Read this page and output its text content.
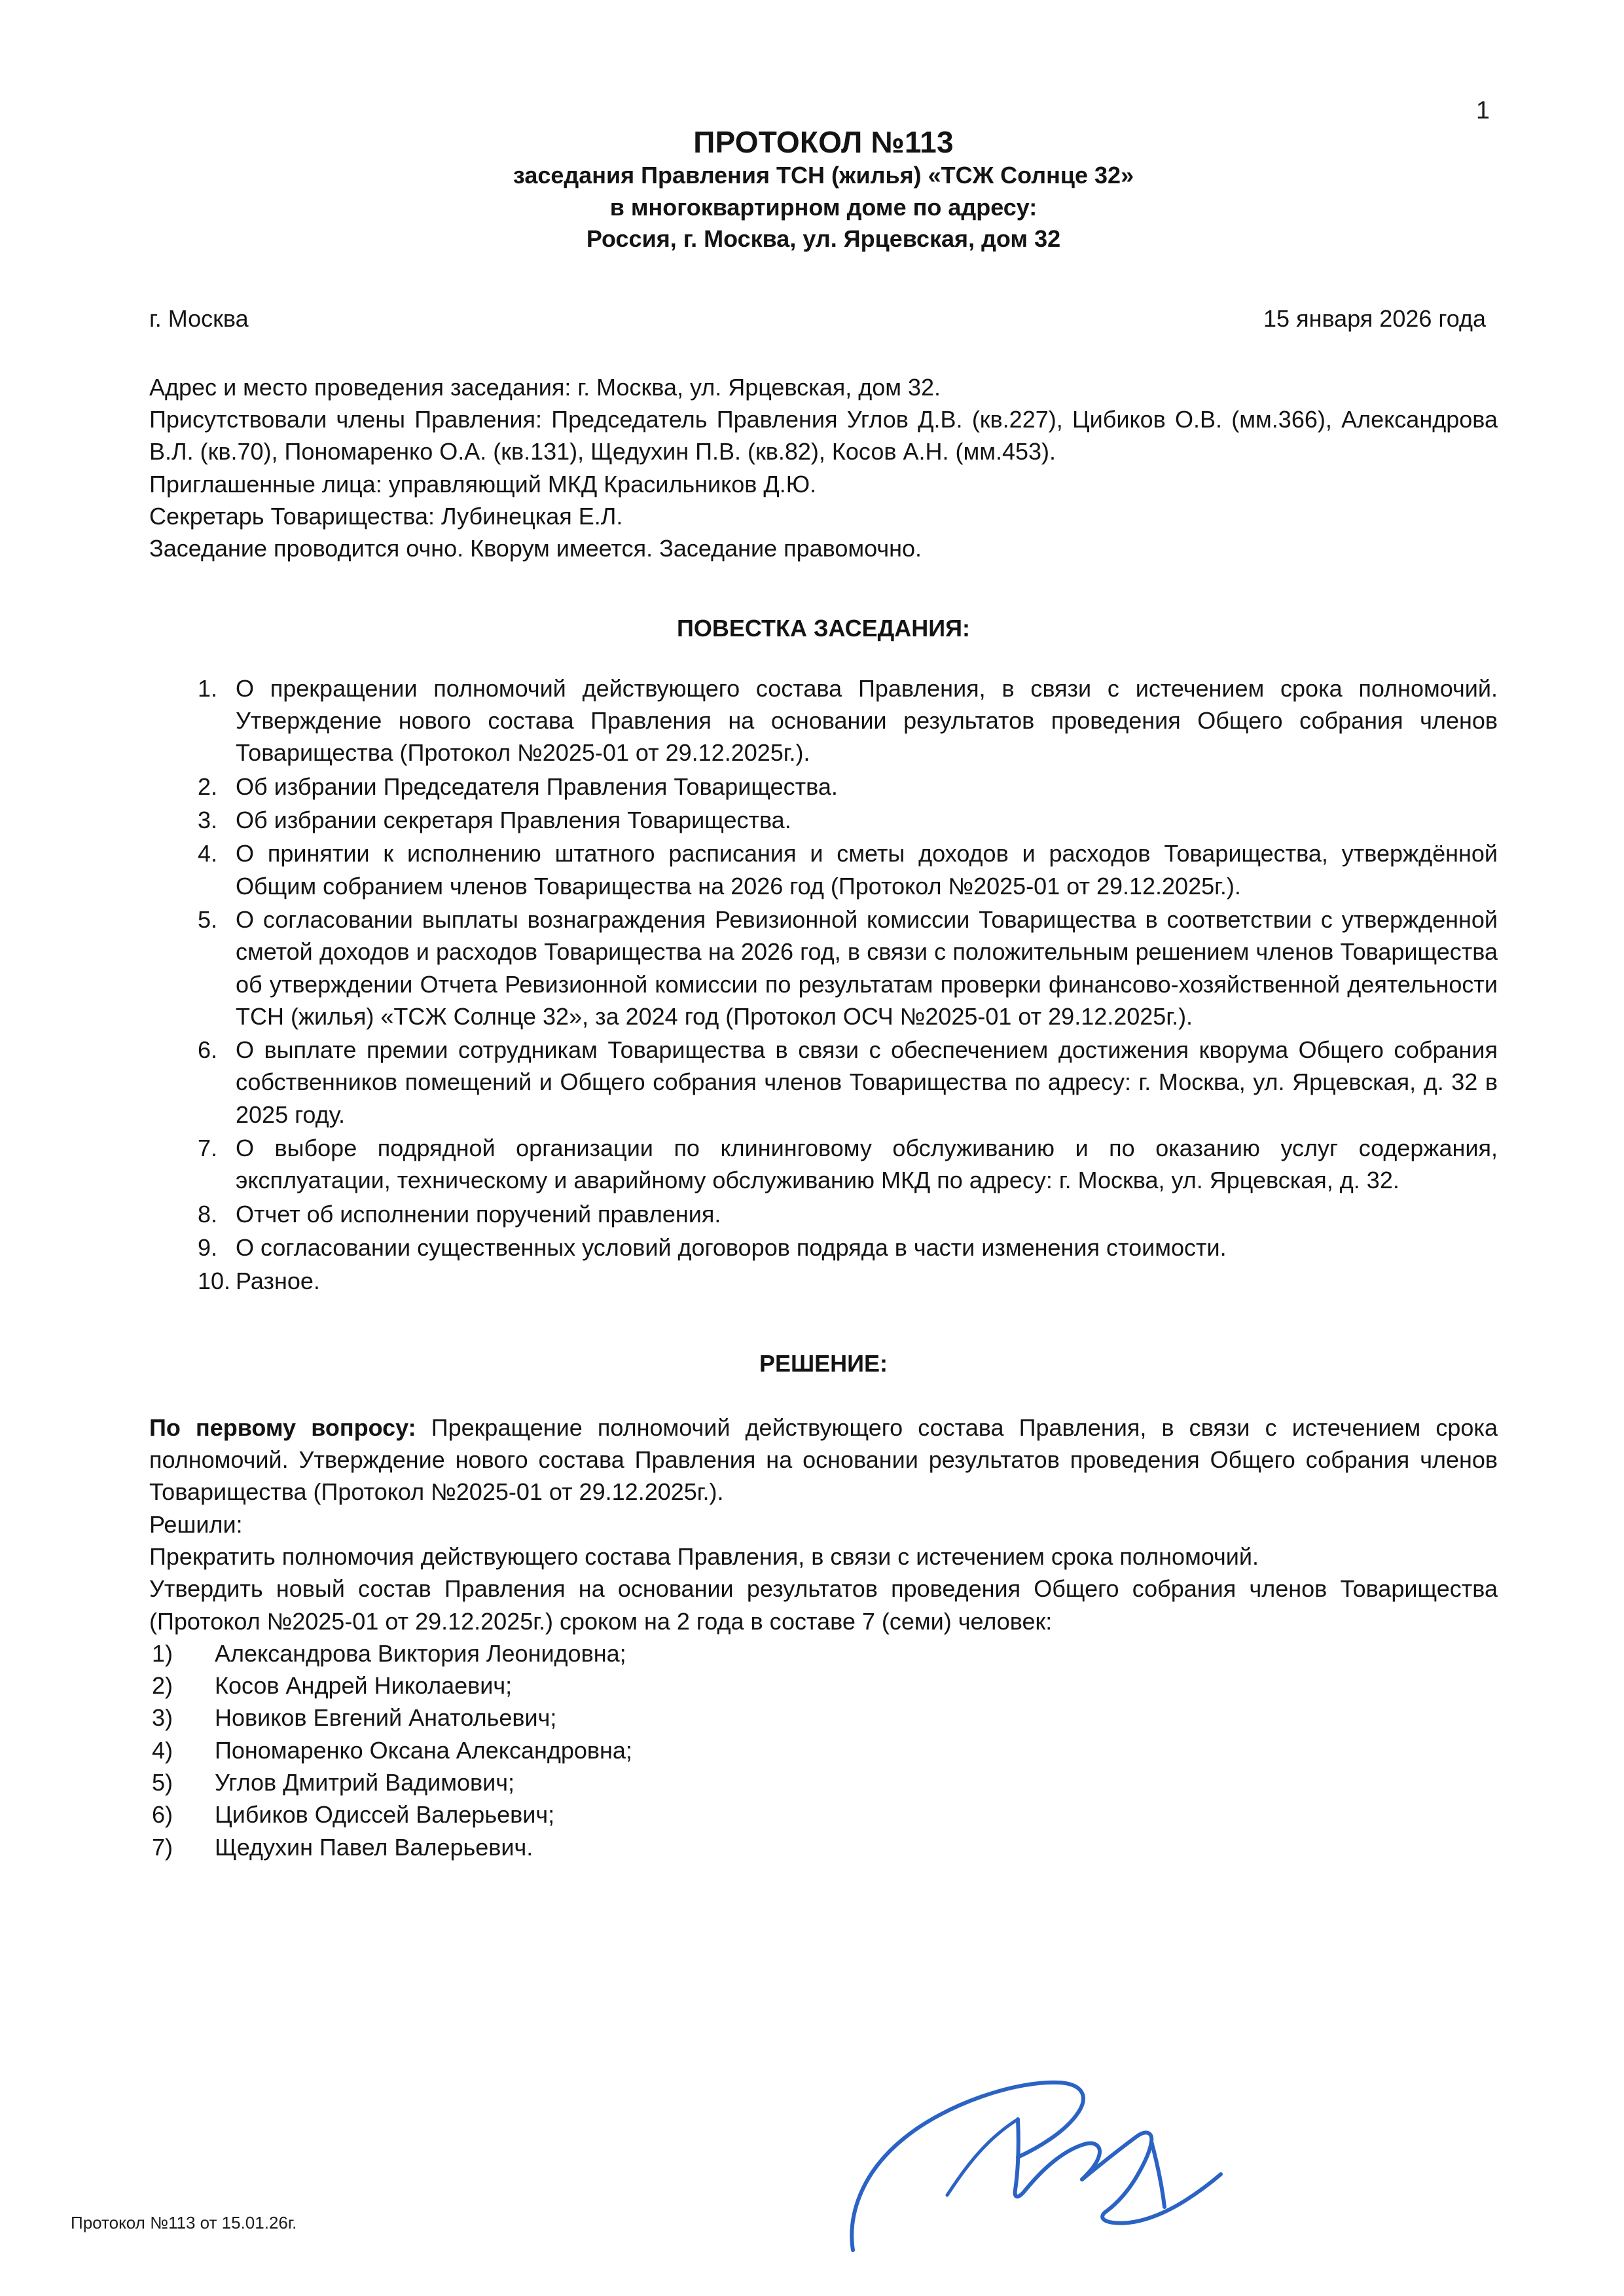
1
ПРОТОКОЛ №113
заседания Правления ТСН (жилья) «ТСЖ Солнце 32»
в многоквартирном доме по адресу:
Россия, г. Москва, ул. Ярцевская, дом 32
г. Москва	15 января 2026 года

Адрес и место проведения заседания: г. Москва, ул. Ярцевская, дом 32.

Присутствовали члены Правления: Председатель Правления Углов Д.В. (кв.227), Цибиков О.В. (мм.366), Александрова В.Л. (кв.70), Пономаренко О.А. (кв.131), Щедухин П.В. (кв.82), Косов А.Н. (мм.453).

Приглашенные лица: управляющий МКД Красильников Д.Ю.

Секретарь Товарищества: Лубинецкая Е.Л.

Заседание проводится очно. Кворум имеется. Заседание правомочно.

ПОВЕСТКА ЗАСЕДАНИЯ:
1. О прекращении полномочий действующего состава Правления, в связи с истечением срока полномочий. Утверждение нового состава Правления на основании результатов проведения Общего собрания членов Товарищества (Протокол №2025-01 от 29.12.2025г.).
2. Об избрании Председателя Правления Товарищества.
3. Об избрании секретаря Правления Товарищества.
4. О принятии к исполнению штатного расписания и сметы доходов и расходов Товарищества, утверждённой Общим собранием членов Товарищества на 2026 год (Протокол №2025-01 от 29.12.2025г.).
5. О согласовании выплаты вознаграждения Ревизионной комиссии Товарищества в соответствии с утвержденной сметой доходов и расходов Товарищества на 2026 год, в связи с положительным решением членов Товарищества об утверждении Отчета Ревизионной комиссии по результатам проверки финансово-хозяйственной деятельности ТСН (жилья) «ТСЖ Солнце 32», за 2024 год (Протокол ОСЧ №2025-01 от 29.12.2025г.).
6. О выплате премии сотрудникам Товарищества в связи с обеспечением достижения кворума Общего собрания собственников помещений и Общего собрания членов Товарищества по адресу: г. Москва, ул. Ярцевская, д. 32 в 2025 году.
7. О выборе подрядной организации по клининговому обслуживанию и по оказанию услуг содержания, эксплуатации, техническому и аварийному обслуживанию МКД по адресу: г. Москва, ул. Ярцевская, д. 32.
8. Отчет об исполнении поручений правления.
9. О согласовании существенных условий договоров подряда в части изменения стоимости.
10. Разное.
РЕШЕНИЕ:

По первому вопросу: Прекращение полномочий действующего состава Правления, в связи с истечением срока полномочий. Утверждение нового состава Правления на основании результатов проведения Общего собрания членов Товарищества (Протокол №2025-01 от 29.12.2025г.).

Решили:

Прекратить полномочия действующего состава Правления, в связи с истечением срока полномочий.

Утвердить новый состав Правления на основании результатов проведения Общего собрания членов Товарищества (Протокол №2025-01 от 29.12.2025г.) сроком на 2 года в составе 7 (семи) человек:

1)	Александрова Виктория Леонидовна;
2)	Косов Андрей Николаевич;
3)	Новиков Евгений Анатольевич;
4)	Пономаренко Оксана Александровна;
5)	Углов Дмитрий Вадимович;
6)	Цибиков Одиссей Валерьевич;
7)	Щедухин Павел Валерьевич.
Протокол №113 от 15.01.26г.
